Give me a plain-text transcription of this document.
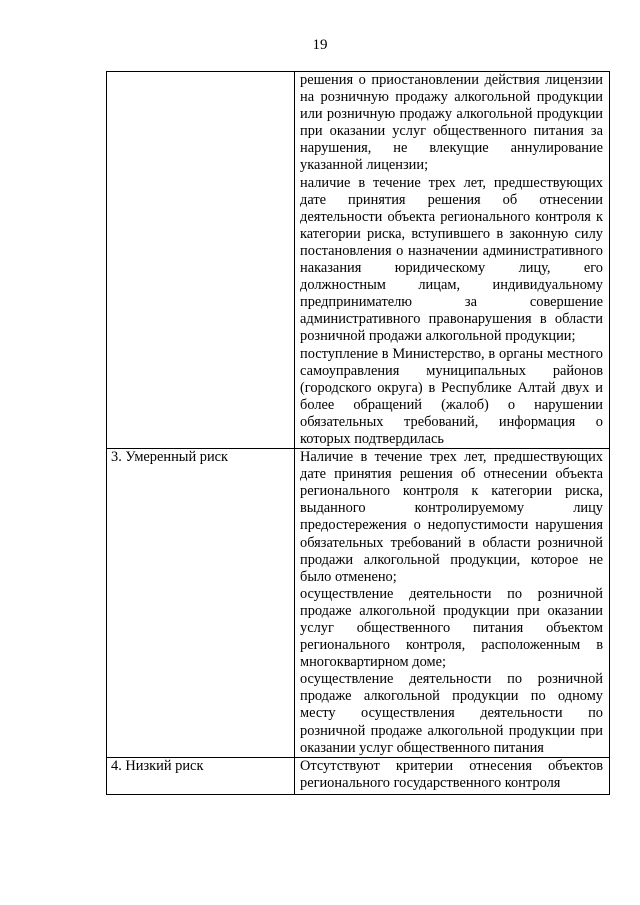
19

	решения о приостановлении действия лицензии на розничную продажу алкогольной продукции или розничную продажу алкогольной продукции при оказании услуг общественного питания за нарушения, не влекущие аннулирование указанной лицензии;
наличие в течение трех лет, предшествующих дате принятия решения об отнесении деятельности объекта регионального контроля к категории риска, вступившего в законную силу постановления о назначении административного наказания юридическому лицу, его должностным лицам, индивидуальному предпринимателю за совершение административного правонарушения в области розничной продажи алкогольной продукции;
поступление в Министерство, в органы местного самоуправления муниципальных районов (городского округа) в Республике Алтай двух и более обращений (жалоб) о нарушении обязательных требований, информация о которых подтвердилась

3. Умеренный риск	Наличие в течение трех лет, предшествующих дате принятия решения об отнесении объекта регионального контроля к категории риска, выданного контролируемому лицу предостережения о недопустимости нарушения обязательных требований в области розничной продажи алкогольной продукции, которое не было отменено;
осуществление деятельности по розничной продаже алкогольной продукции при оказании услуг общественного питания объектом регионального контроля, расположенным в многоквартирном доме;
осуществление деятельности по розничной продаже алкогольной продукции по одному месту осуществления деятельности по розничной продаже алкогольной продукции при оказании услуг общественного питания

4. Низкий риск	Отсутствуют критерии отнесения объектов регионального государственного контроля
